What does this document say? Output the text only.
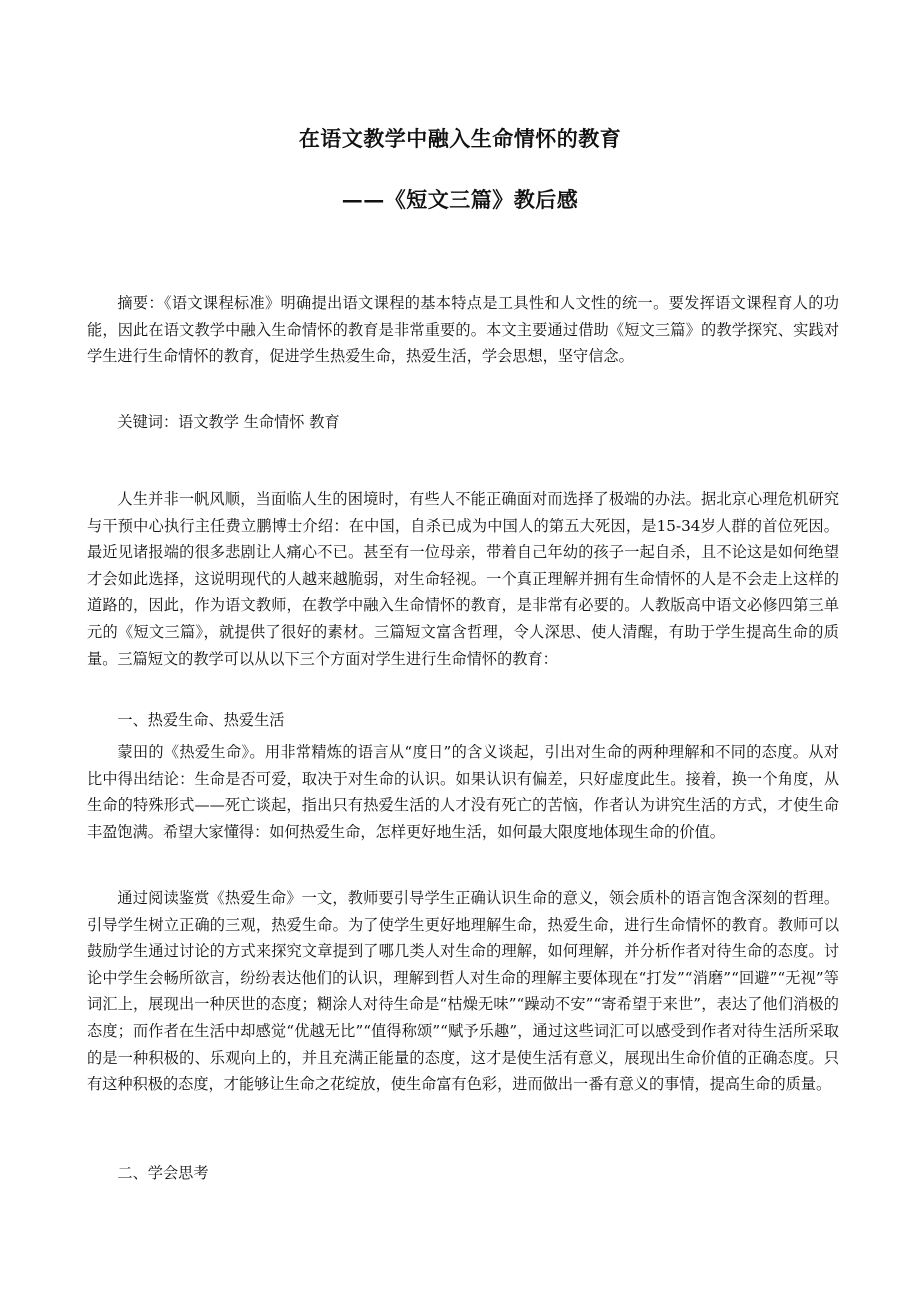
在语文教学中融入生命情怀的教育
——《短文三篇》教后感

摘要：《语文课程标准》明确提出语文课程的基本特点是工具性和人文性的统一。要发挥语文课程育人的功能，因此在语文教学中融入生命情怀的教育是非常重要的。本文主要通过借助《短文三篇》的教学探究、实践对学生进行生命情怀的教育，促进学生热爱生命，热爱生活，学会思想，坚守信念。

关键词：语文教学 生命情怀 教育

人生并非一帆风顺，当面临人生的困境时，有些人不能正确面对而选择了极端的办法。据北京心理危机研究与干预中心执行主任费立鹏博士介绍：在中国，自杀已成为中国人的第五大死因，是15-34岁人群的首位死因。最近见诸报端的很多悲剧让人痛心不已。甚至有一位母亲，带着自己年幼的孩子一起自杀，且不论这是如何绝望才会如此选择，这说明现代的人越来越脆弱，对生命轻视。一个真正理解并拥有生命情怀的人是不会走上这样的道路的，因此，作为语文教师，在教学中融入生命情怀的教育，是非常有必要的。人教版高中语文必修四第三单元的《短文三篇》，就提供了很好的素材。三篇短文富含哲理，令人深思、使人清醒，有助于学生提高生命的质量。三篇短文的教学可以从以下三个方面对学生进行生命情怀的教育：

一、热爱生命、热爱生活

蒙田的《热爱生命》。用非常精炼的语言从“度日”的含义谈起，引出对生命的两种理解和不同的态度。从对比中得出结论：生命是否可爱，取决于对生命的认识。如果认识有偏差，只好虚度此生。接着，换一个角度，从生命的特殊形式——死亡谈起，指出只有热爱生活的人才没有死亡的苦恼，作者认为讲究生活的方式，才使生命丰盈饱满。希望大家懂得：如何热爱生命，怎样更好地生活，如何最大限度地体现生命的价值。

通过阅读鉴赏《热爱生命》一文，教师要引导学生正确认识生命的意义，领会质朴的语言饱含深刻的哲理。引导学生树立正确的三观，热爱生命。为了使学生更好地理解生命，热爱生命，进行生命情怀的教育。教师可以鼓励学生通过讨论的方式来探究文章提到了哪几类人对生命的理解，如何理解，并分析作者对待生命的态度。讨论中学生会畅所欲言，纷纷表达他们的认识，理解到哲人对生命的理解主要体现在“打发”“消磨”“回避”“无视”等词汇上，展现出一种厌世的态度；糊涂人对待生命是“枯燥无味”“躁动不安”“寄希望于来世”，表达了他们消极的态度；而作者在生活中却感觉“优越无比”“值得称颂”“赋予乐趣”，通过这些词汇可以感受到作者对待生活所采取的是一种积极的、乐观向上的，并且充满正能量的态度，这才是使生活有意义，展现出生命价值的正确态度。只有这种积极的态度，才能够让生命之花绽放，使生命富有色彩，进而做出一番有意义的事情，提高生命的质量。

二、学会思考
